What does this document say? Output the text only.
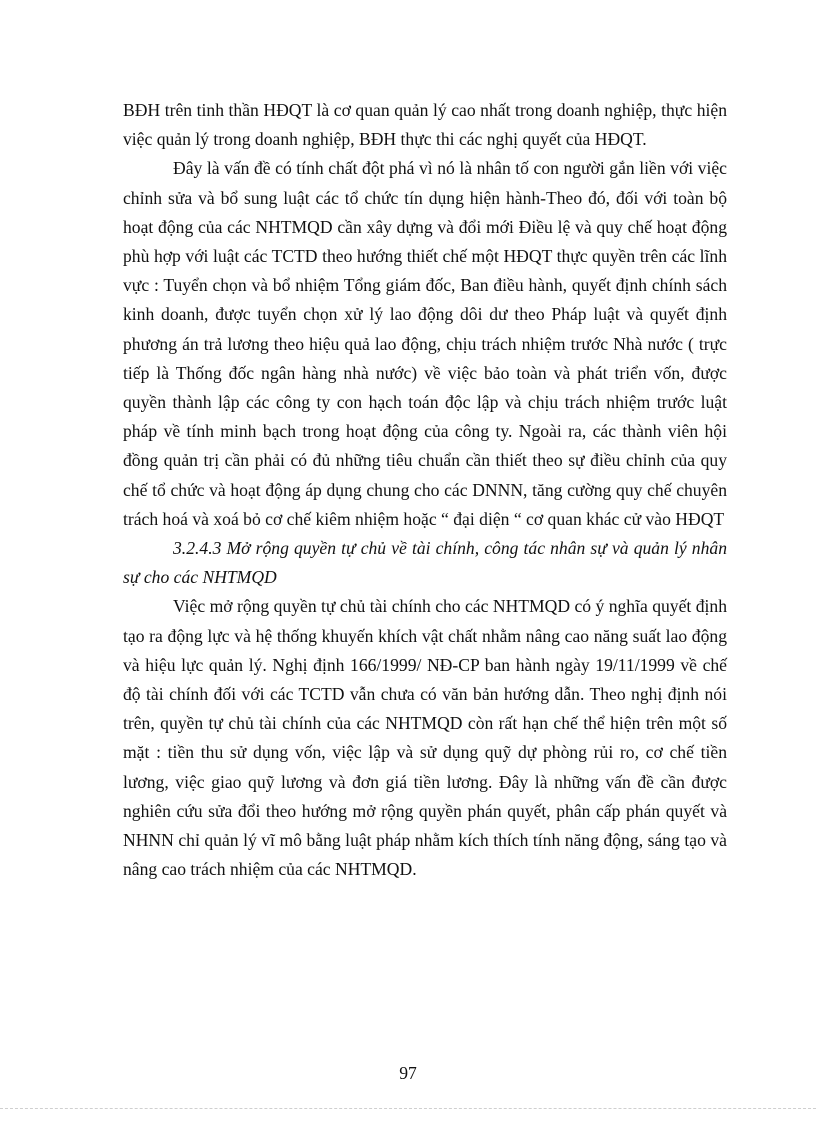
BĐH trên tinh thần HĐQT là cơ quan quản lý cao nhất trong doanh nghiệp, thực hiện việc quản lý trong doanh nghiệp, BĐH thực thi các nghị quyết của HĐQT.

Đây là vấn đề có tính chất đột phá vì nó là nhân tố con người gắn liền với việc chỉnh sửa và bổ sung luật các tổ chức tín dụng hiện hành-Theo đó, đối với toàn bộ hoạt động của các NHTMQD cần xây dựng và đổi mới Điều lệ và quy chế hoạt động phù hợp với luật các TCTD theo hướng thiết chế một HĐQT thực quyền trên các lĩnh vực : Tuyển chọn và bổ nhiệm Tổng giám đốc, Ban điều hành, quyết định chính sách kinh doanh, được tuyển chọn xử lý lao động dôi dư theo Pháp luật và quyết định phương án trả lương theo hiệu quả lao động, chịu trách nhiệm trước Nhà nước ( trực tiếp là Thống đốc ngân hàng nhà nước) về việc bảo toàn và phát triển vốn, được quyền thành lập các công ty con hạch toán độc lập và chịu trách nhiệm trước luật pháp về tính minh bạch trong hoạt động của công ty. Ngoài ra, các thành viên hội đồng quản trị cần phải có đủ những tiêu chuẩn cần thiết theo sự điều chỉnh của quy chế tổ chức và hoạt động áp dụng chung cho các DNNN, tăng cường quy chế chuyên trách hoá và xoá bỏ cơ chế kiêm nhiệm hoặc “ đại diện “ cơ quan khác cử vào HĐQT

3.2.4.3 Mở rộng quyền tự chủ về tài chính, công tác nhân sự và quản lý nhân sự cho các NHTMQD

Việc mở rộng quyền tự chủ tài chính cho các NHTMQD có ý nghĩa quyết định tạo ra động lực và hệ thống khuyến khích vật chất nhằm nâng cao năng suất lao động và hiệu lực quản lý. Nghị định 166/1999/ NĐ-CP ban hành ngày 19/11/1999 về chế độ tài chính đối với các TCTD vẫn chưa có văn bản hướng dẫn. Theo nghị định nói trên, quyền tự chủ tài chính của các NHTMQD còn rất hạn chế thể hiện trên một số mặt : tiền thu sử dụng vốn, việc lập và sử dụng quỹ dự phòng rủi ro, cơ chế tiền lương, việc giao quỹ lương và đơn giá tiền lương. Đây là những vấn đề cần được nghiên cứu sửa đổi theo hướng mở rộng quyền phán quyết, phân cấp phán quyết và NHNN chỉ quản lý vĩ mô bằng luật pháp nhằm kích thích tính năng động, sáng tạo và nâng cao trách nhiệm của các NHTMQD.

97
